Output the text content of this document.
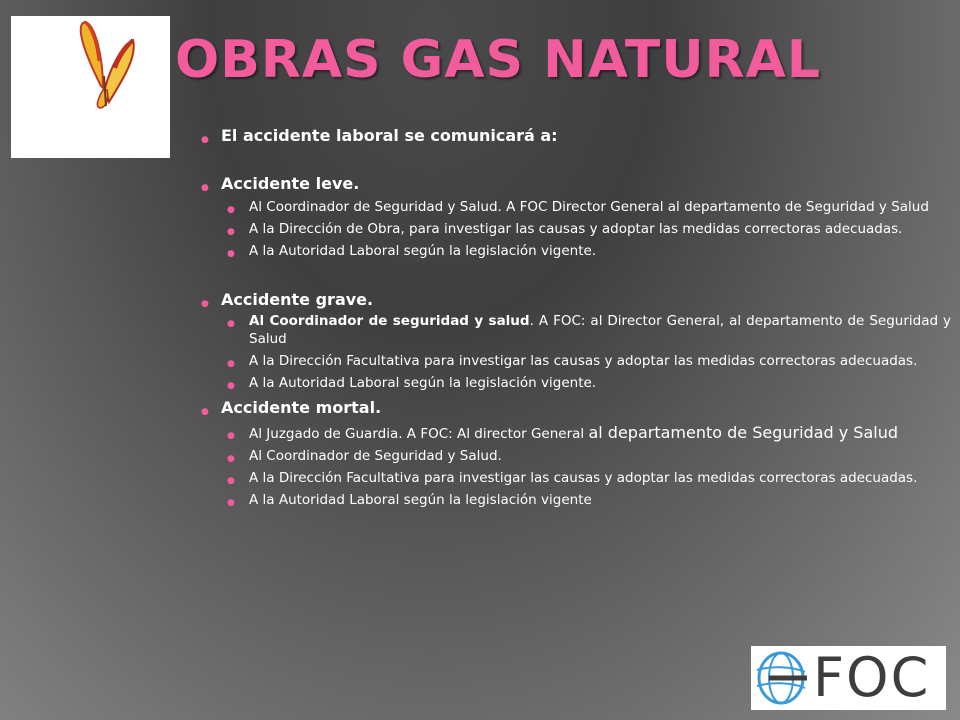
OBRAS GAS NATURAL
● El accidente laboral se comunicará a:
● Accidente leve.
● Al Coordinador de Seguridad y Salud. A FOC Director General al departamento de Seguridad y Salud
● A la Dirección de Obra, para investigar las causas y adoptar las medidas correctoras adecuadas.
● A la Autoridad Laboral según la legislación vigente.
● Accidente grave.
● Al Coordinador de seguridad y salud. A FOC: al Director General, al departamento de Seguridad y Salud
● A la Dirección Facultativa para investigar las causas y adoptar las medidas correctoras adecuadas.
● A la Autoridad Laboral según la legislación vigente.
● Accidente mortal.
● Al Juzgado de Guardia. A FOC: Al director General al departamento de Seguridad y Salud
● Al Coordinador de Seguridad y Salud.
● A la Dirección Facultativa para investigar las causas y adoptar las medidas correctoras adecuadas.
● A la Autoridad Laboral según la legislación vigente
FOC
